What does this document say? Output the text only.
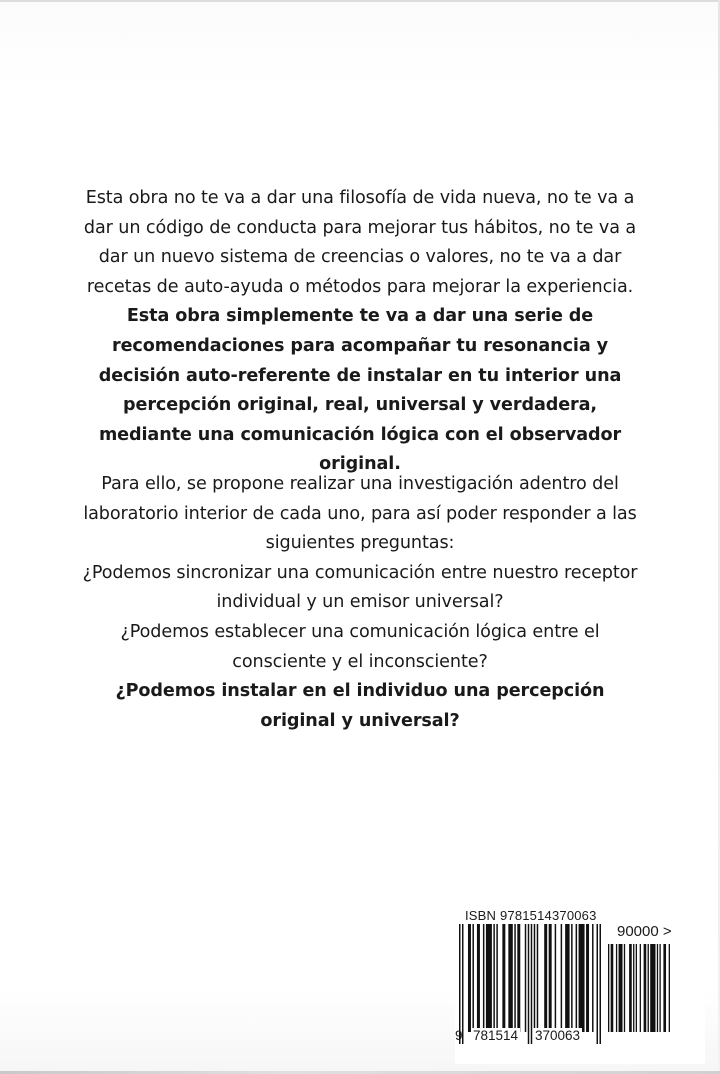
Esta obra no te va a dar una filosofía de vida nueva, no te va a dar un código de conducta para mejorar tus hábitos, no te va a dar un nuevo sistema de creencias o valores, no te va a dar recetas de auto-ayuda o métodos para mejorar la experiencia. Esta obra simplemente te va a dar una serie de recomendaciones para acompañar tu resonancia y decisión auto-referente de instalar en tu interior una percepción original, real, universal y verdadera, mediante una comunicación lógica con el observador original.

Para ello, se propone realizar una investigación adentro del laboratorio interior de cada uno, para así poder responder a las siguientes preguntas:

¿Podemos sincronizar una comunicación entre nuestro receptor individual y un emisor universal?

¿Podemos establecer una comunicación lógica entre el consciente y el inconsciente?

¿Podemos instalar en el individuo una percepción original y universal?

ISBN 9781514370063
9 781514 370063
90000 >
